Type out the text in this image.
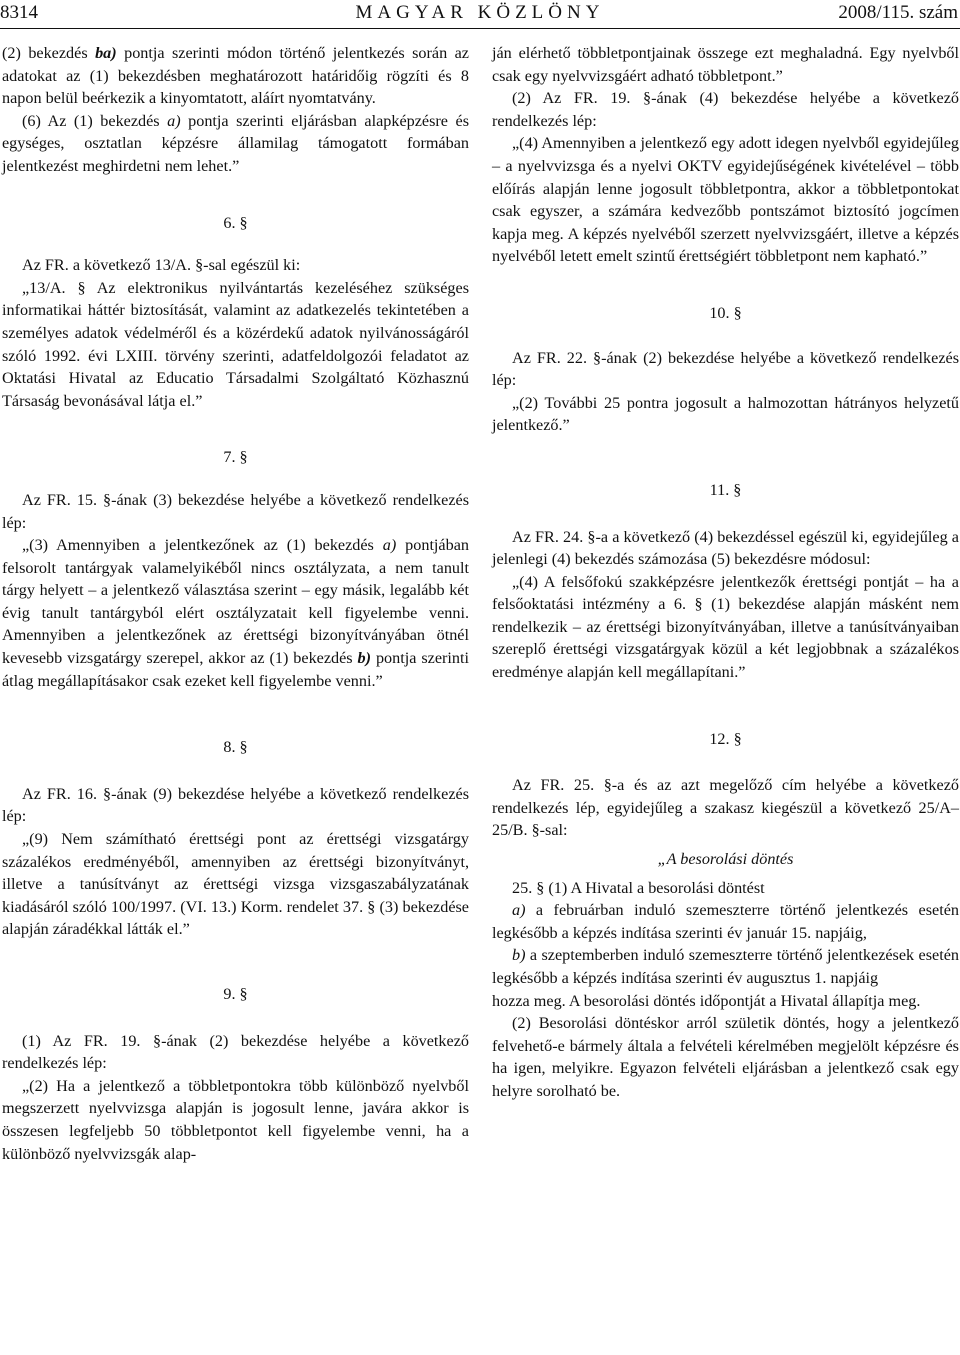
8314	MAGYAR KÖZLÖNY	2008/115. szám

(2) bekezdés ba) pontja szerinti módon történő jelentkezés során az adatokat az (1) bekezdésben meghatározott határidőig rögzíti és 8 napon belül beérkezik a kinyomtatott, aláírt nyomtatvány.

(6) Az (1) bekezdés a) pontja szerinti eljárásban alapképzésre és egységes, osztatlan képzésre államilag támogatott formában jelentkezést meghirdetni nem lehet.”

6. §

Az FR. a következő 13/A. §-sal egészül ki:

„13/A. § Az elektronikus nyilvántartás kezeléséhez szükséges informatikai háttér biztosítását, valamint az adatkezelés tekintetében a személyes adatok védelméről és a közérdekű adatok nyilvánosságáról szóló 1992. évi LXIII. törvény szerinti, adatfeldolgozói feladatot az Oktatási Hivatal az Educatio Társadalmi Szolgáltató Közhasznú Társaság bevonásával látja el.”

7. §

Az FR. 15. §-ának (3) bekezdése helyébe a következő rendelkezés lép:

„(3) Amennyiben a jelentkezőnek az (1) bekezdés a) pontjában felsorolt tantárgyak valamelyikéből nincs osztályzata, a nem tanult tárgy helyett – a jelentkező választása szerint – egy másik, legalább két évig tanult tantárgyból elért osztályzatait kell figyelembe venni. Amennyiben a jelentkezőnek az érettségi bizonyítványában ötnél kevesebb vizsgatárgy szerepel, akkor az (1) bekezdés b) pontja szerinti átlag megállapításakor csak ezeket kell figyelembe venni.”

8. §

Az FR. 16. §-ának (9) bekezdése helyébe a következő rendelkezés lép:

„(9) Nem számítható érettségi pont az érettségi vizsgatárgy százalékos eredményéből, amennyiben az érettségi bizonyítványt, illetve a tanúsítványt az érettségi vizsga vizsgaszabályzatának kiadásáról szóló 100/1997. (VI. 13.) Korm. rendelet 37. § (3) bekezdése alapján záradékkal látták el.”

9. §

(1) Az FR. 19. §-ának (2) bekezdése helyébe a következő rendelkezés lép:

„(2) Ha a jelentkező a többletpontokra több különböző nyelvből megszerzett nyelvvizsga alapján is jogosult lenne, javára akkor is összesen legfeljebb 50 többletpontot kell figyelembe venni, ha a különböző nyelvvizsgák alap-

ján elérhető többletpontjainak összege ezt meghaladná. Egy nyelvből csak egy nyelvvizsgáért adható többletpont.”

(2) Az FR. 19. §-ának (4) bekezdése helyébe a következő rendelkezés lép:

„(4) Amennyiben a jelentkező egy adott idegen nyelvből egyidejűleg – a nyelvvizsga és a nyelvi OKTV egyidejűségének kivételével – több előírás alapján lenne jogosult többletpontra, akkor a többletpontokat csak egyszer, a számára kedvezőbb pontszámot biztosító jogcímen kapja meg. A képzés nyelvéből szerzett nyelvvizsgáért, illetve a képzés nyelvéből letett emelt szintű érettségiért többletpont nem kapható.”

10. §

Az FR. 22. §-ának (2) bekezdése helyébe a következő rendelkezés lép:

„(2) További 25 pontra jogosult a halmozottan hátrányos helyzetű jelentkező.”

11. §

Az FR. 24. §-a a következő (4) bekezdéssel egészül ki, egyidejűleg a jelenlegi (4) bekezdés számozása (5) bekezdésre módosul:

„(4) A felsőfokú szakképzésre jelentkezők érettségi pontját – ha a felsőoktatási intézmény a 6. § (1) bekezdése alapján másként nem rendelkezik – az érettségi bizonyítványában, illetve a tanúsítványaiban szereplő érettségi vizsgatárgyak közül a két legjobbnak a százalékos eredménye alapján kell megállapítani.”

12. §

Az FR. 25. §-a és az azt megelőző cím helyébe a következő rendelkezés lép, egyidejűleg a szakasz kiegészül a következő 25/A–25/B. §-sal:

„A besorolási döntés

25. § (1) A Hivatal a besorolási döntést

a) a februárban induló szemeszterre történő jelentkezés esetén legkésőbb a képzés indítása szerinti év január 15. napjáig,

b) a szeptemberben induló szemeszterre történő jelentkezések esetén legkésőbb a képzés indítása szerinti év augusztus 1. napjáig

hozza meg. A besorolási döntés időpontját a Hivatal állapítja meg.

(2) Besorolási döntéskor arról születik döntés, hogy a jelentkező felvehető-e bármely általa a felvételi kérelmében megjelölt képzésre és ha igen, melyikre. Egyazon felvételi eljárásban a jelentkező csak egy helyre sorolható be.
